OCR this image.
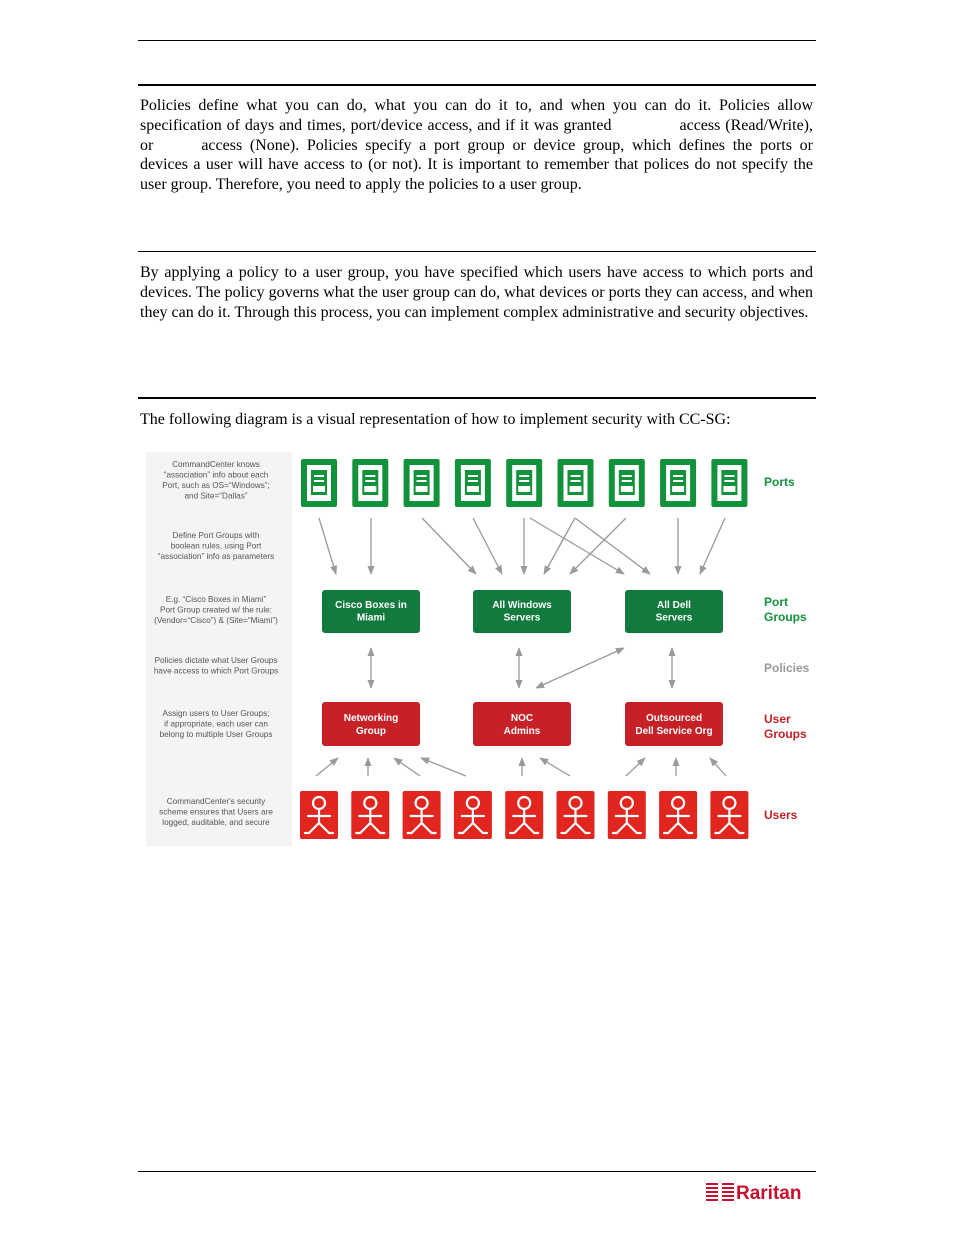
Policies define what you can do, what you can do it to, and when you can do it. Policies allow specification of days and times, port/device access, and if it was granted	access (Read/Write), or	access (None). Policies specify a port group or device group, which defines the ports or devices a user will have access to (or not). It is important to remember that polices do not specify the user group. Therefore, you need to apply the policies to a user group.

By applying a policy to a user group, you have specified which users have access to which ports and devices. The policy governs what the user group can do, what devices or ports they can access, and when they can do it. Through this process, you can implement complex administrative and security objectives.

The following diagram is a visual representation of how to implement security with CC-SG:

CommandCenter knows “association” info about each Port, such as OS=“Windows”; and Site=“Dallas”
Define Port Groups with boolean rules, using Port “association” info as parameters
E.g. “Cisco Boxes in Miami” Port Group created w/ the rule: (Vendor=“Cisco”) & (Site=“Miami”)
Policies dictate what User Groups have access to which Port Groups
Assign users to User Groups; if appropriate, each user can belong to multiple User Groups
CommandCenter's security scheme ensures that Users are logged, auditable, and secure
Cisco Boxes in Miami
All Windows Servers
All Dell Servers
Networking Group
NOC Admins
Outsourced Dell Service Org
Ports
Port Groups
Policies
User Groups
Users
Raritan
